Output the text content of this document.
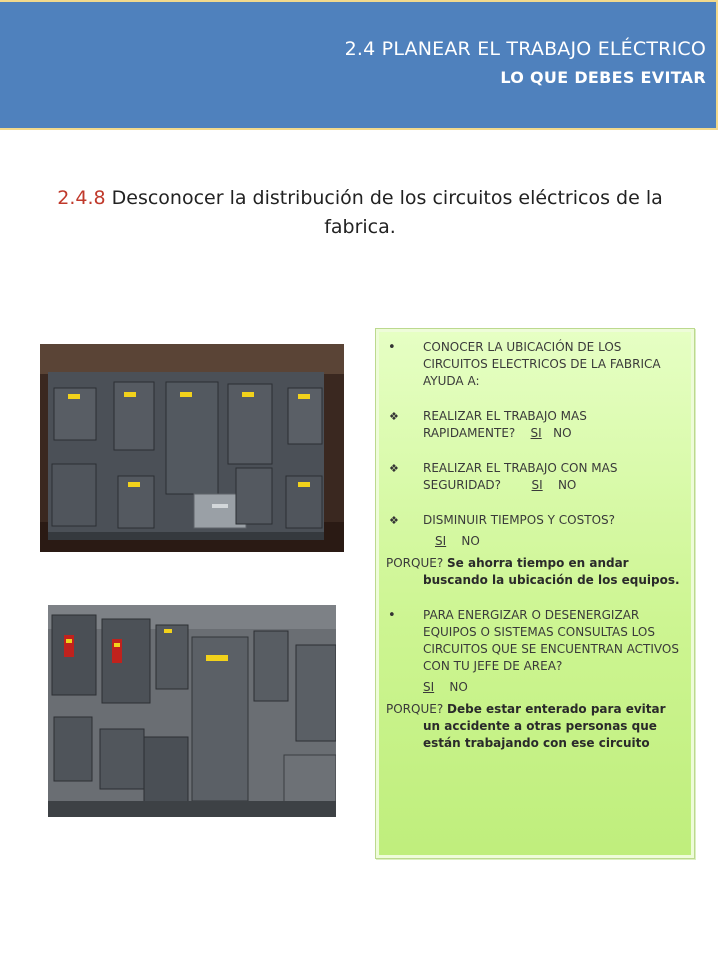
2.4 PLANEAR EL TRABAJO ELÉCTRICO
LO QUE DEBES EVITAR
2.4.8 Desconocer la distribución de los circuitos eléctricos de la fabrica.
•	CONOCER LA UBICACIÓN DE LOS CIRCUITOS ELECTRICOS DE LA FABRICA AYUDA A:
❖	REALIZAR EL TRABAJO MAS RAPIDAMENTE? SI NO
❖	REALIZAR EL TRABAJO CON MAS SEGURIDAD?	SI NO
❖	DISMINUIR TIEMPOS Y COSTOS?
SI NO
PORQUE? Se ahorra tiempo en andar buscando la ubicación de los equipos.
•	PARA ENERGIZAR O DESENERGIZAR EQUIPOS O SISTEMAS CONSULTAS LOS CIRCUITOS QUE SE ENCUENTRAN ACTIVOS CON TU JEFE DE AREA?
SI NO
PORQUE? Debe estar enterado para evitar un accidente a otras personas que están trabajando con ese circuito
